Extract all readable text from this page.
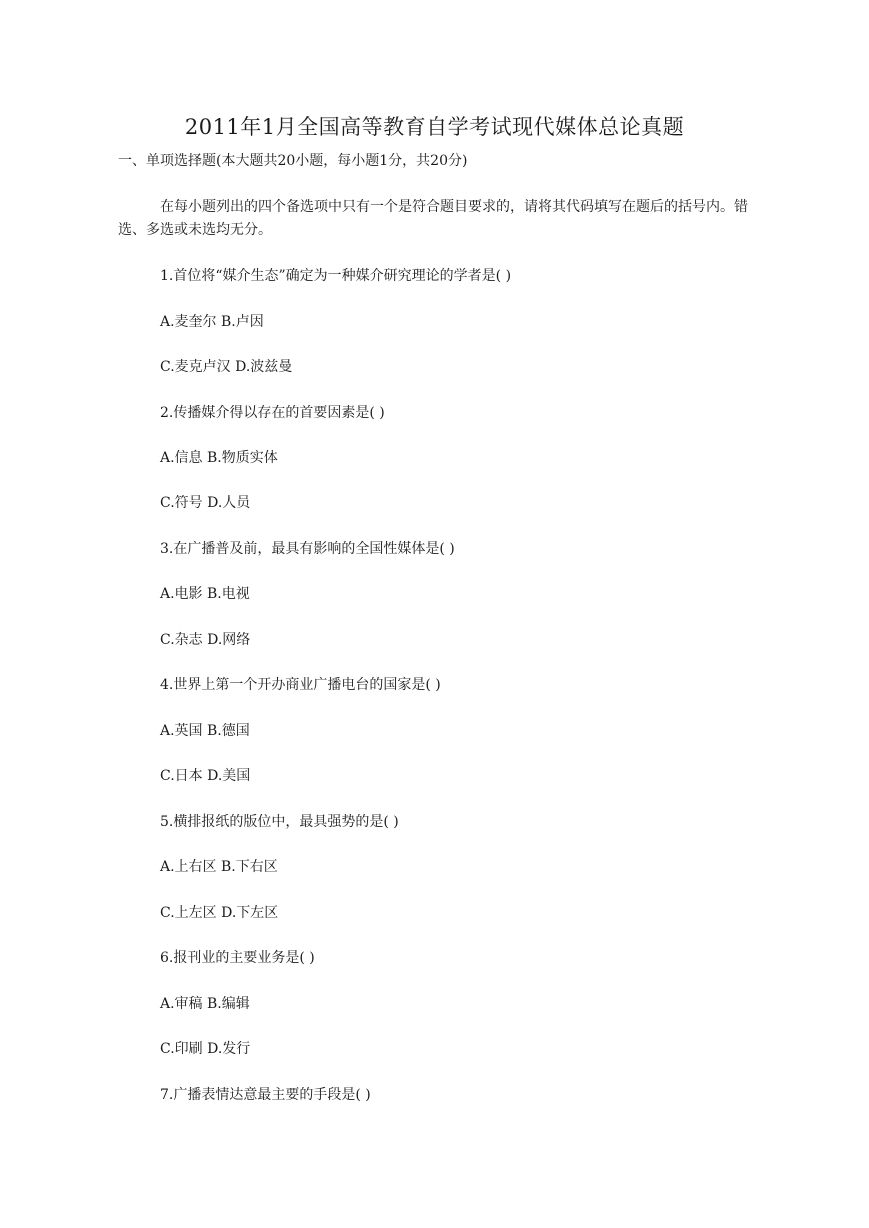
2011年1月全国高等教育自学考试现代媒体总论真题
一、单项选择题(本大题共20小题，每小题1分，共20分)
在每小题列出的四个备选项中只有一个是符合题目要求的，请将其代码填写在题后的括号内。错选、多选或未选均无分。
1.首位将“媒介生态”确定为一种媒介研究理论的学者是( )
A.麦奎尔 B.卢因
C.麦克卢汉 D.波兹曼
2.传播媒介得以存在的首要因素是( )
A.信息 B.物质实体
C.符号 D.人员
3.在广播普及前，最具有影响的全国性媒体是( )
A.电影 B.电视
C.杂志 D.网络
4.世界上第一个开办商业广播电台的国家是( )
A.英国 B.德国
C.日本 D.美国
5.横排报纸的版位中，最具强势的是( )
A.上右区 B.下右区
C.上左区 D.下左区
6.报刊业的主要业务是( )
A.审稿 B.编辑
C.印刷 D.发行
7.广播表情达意最主要的手段是( )
